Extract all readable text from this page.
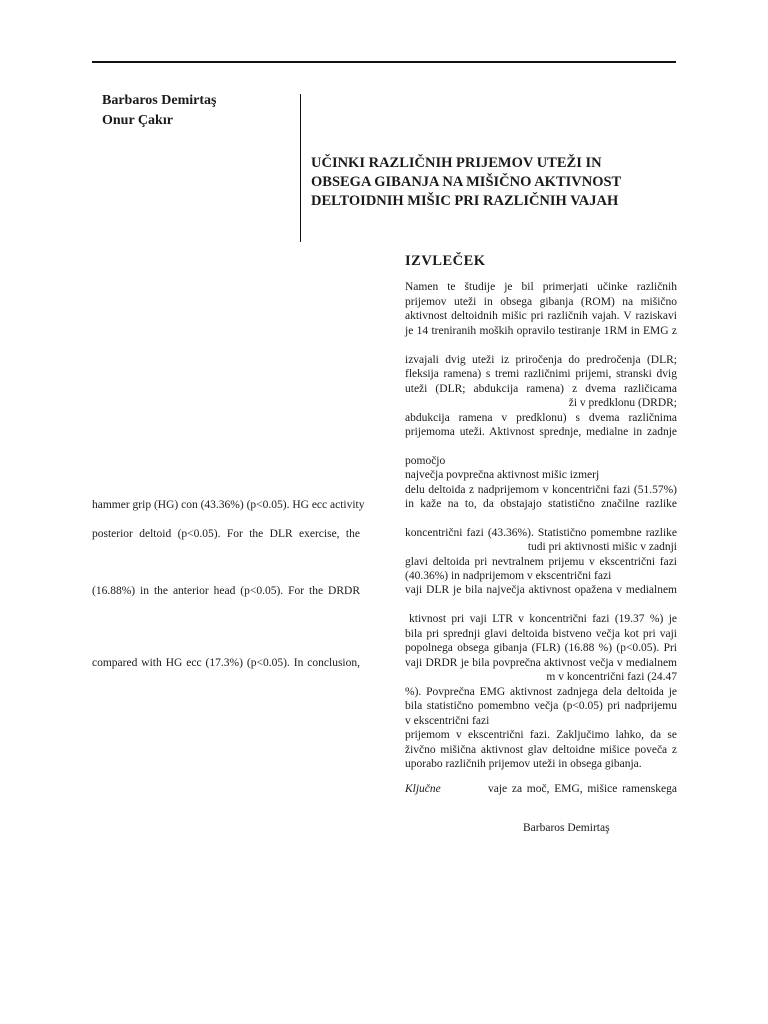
Barbaros Demirtaş
Onur Çakır
UČINKI RAZLIČNIH PRIJEMOV UTEŽI IN
OBSEGA GIBANJA NA MIŠIČNO AKTIVNOST
DELTOIDNIH MIŠIC PRI RAZLIČNIH VAJAH
IZVLEČEK
hammer grip (HG) con (43.36%) (p<0.05). HG ecc activity
posterior deltoid (p<0.05). For the DLR exercise, the
(16.88%) in the anterior head (p<0.05). For the DRDR
compared with HG ecc (17.3%) (p<0.05). In conclusion,
Namen te študije je bil primerjati učinke različnih
prijemov uteži in obsega gibanja (ROM) na mišično
aktivnost deltoidnih mišic pri različnih vajah. V raziskavi
je 14 treniranih moških opravilo testiranje 1RM in EMG z
izvajali dvig uteži iz priročenja do predročenja (DLR;
fleksija ramena) s tremi različnimi prijemi, stranski dvig
uteži (DLR; abdukcija ramena) z dvema različicama
ži v predklonu (DRDR;
abdukcija ramena v predklonu) s dvema različnima
prijemoma uteži. Aktivnost sprednje, medialne in zadnje
pomočjo
največja povprečna aktivnost mišic izmerj
delu deltoida z nadprijemom v koncentrični fazi (51.57%)
in kaže na to, da obstajajo statistično značilne razlike
koncentrični fazi (43.36%). Statistično pomembne razlike
tudi pri aktivnosti mišic v zadnji
glavi deltoida pri nevtralnem prijemu v ekscentrični fazi
(40.36%) in nadprijemom v ekscentrični fazi
vaji DLR je bila največja aktivnost opažena v medialnem
ktivnost pri vaji LTR v koncentrični fazi (19.37 %) je
bila pri sprednji glavi deltoida bistveno večja kot pri vaji
popolnega obsega gibanja (FLR) (16.88 %) (p<0.05). Pri
vaji DRDR je bila povprečna aktivnost večja v medialnem
m v koncentrični fazi (24.47
%). Povprečna EMG aktivnost zadnjega dela deltoida je
bila statistično pomembno večja (p<0.05) pri nadprijemu
v ekscentrični fazi
prijemom v ekscentrični fazi. Zaključimo lahko, da se
živčno mišična aktivnost glav deltoidne mišice poveča z
uporabo različnih prijemov uteži in obsega gibanja.
Ključne	vaje za moč, EMG, mišice ramenskega
Barbaros Demirtaş
